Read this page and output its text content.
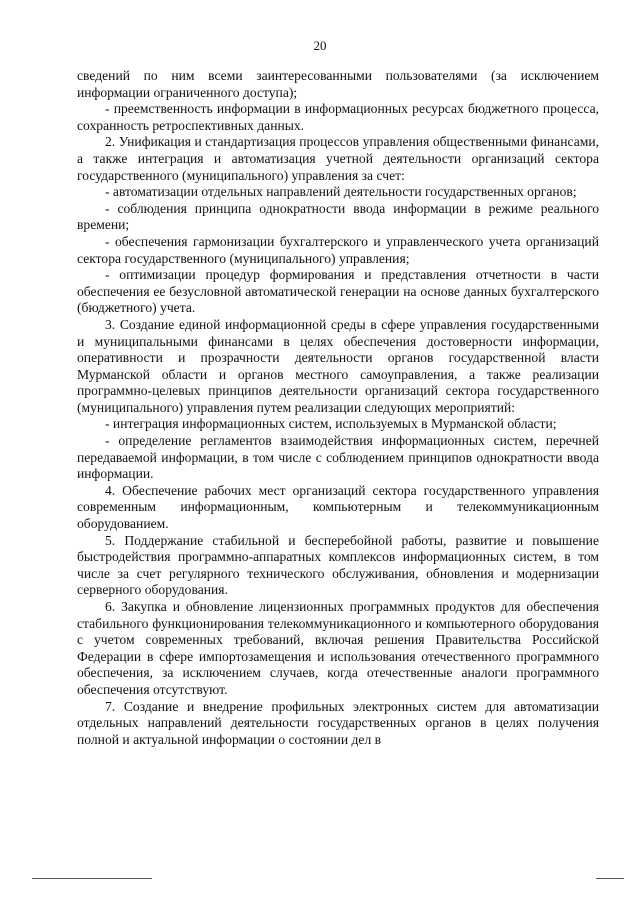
20

сведений по ним всеми заинтересованными пользователями (за исключением информации ограниченного доступа);

- преемственность информации в информационных ресурсах бюджетного процесса, сохранность ретроспективных данных.

2. Унификация и стандартизация процессов управления общественными финансами, а также интеграция и автоматизация учетной деятельности организаций сектора государственного (муниципального) управления за счет:

- автоматизации отдельных направлений деятельности государственных органов;

- соблюдения принципа однократности ввода информации в режиме реального времени;

- обеспечения гармонизации бухгалтерского и управленческого учета организаций сектора государственного (муниципального) управления;

- оптимизации процедур формирования и представления отчетности в части обеспечения ее безусловной автоматической генерации на основе данных бухгалтерского (бюджетного) учета.

3. Создание единой информационной среды в сфере управления государственными и муниципальными финансами в целях обеспечения достоверности информации, оперативности и прозрачности деятельности органов государственной власти Мурманской области и органов местного самоуправления, а также реализации программно-целевых принципов деятельности организаций сектора государственного (муниципального) управления путем реализации следующих мероприятий:

- интеграция информационных систем, используемых в Мурманской области;

- определение регламентов взаимодействия информационных систем, перечней передаваемой информации, в том числе с соблюдением принципов однократности ввода информации.

4. Обеспечение рабочих мест организаций сектора государственного управления современным информационным, компьютерным и телекоммуникационным оборудованием.

5. Поддержание стабильной и бесперебойной работы, развитие и повышение быстродействия программно-аппаратных комплексов информационных систем, в том числе за счет регулярного технического обслуживания, обновления и модернизации серверного оборудования.

6. Закупка и обновление лицензионных программных продуктов для обеспечения стабильного функционирования телекоммуникационного и компьютерного оборудования с учетом современных требований, включая решения Правительства Российской Федерации в сфере импортозамещения и использования отечественного программного обеспечения, за исключением случаев, когда отечественные аналоги программного обеспечения отсутствуют.

7. Создание и внедрение профильных электронных систем для автоматизации отдельных направлений деятельности государственных органов в целях получения полной и актуальной информации о состоянии дел в
